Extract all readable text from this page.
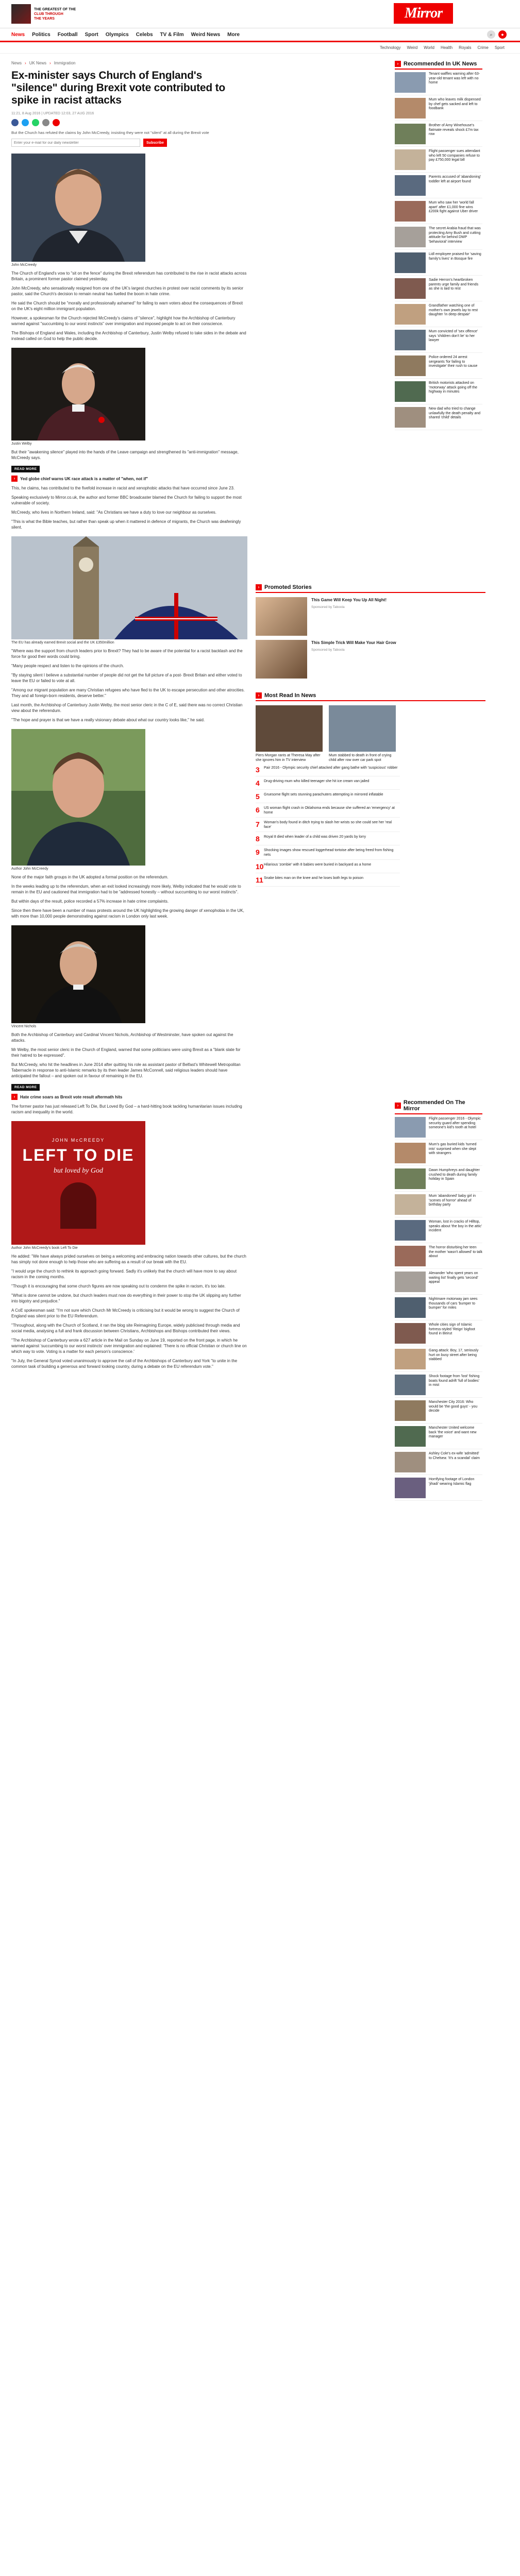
THE GREATEST OF THE
CLUB THROUGH
THE YEARS	Mirror
News Politics Football Sport Olympics Celebs TV & Film Weird News More	⌕	●
Technology Weird World Health Royals Crime Sport
News › UK News › Immigration
Ex-minister says Church of England's "silence" during Brexit vote contributed to spike in racist attacks
11:21, 8 Aug 2016 | UPDATED 12:03, 27 AUG 2016
But the Church has refuted the claims by John McCreedy, insisting they were not "silent" at all during the Brexit vote
Enter your e-mail for our daily newsletter
Subscribe
John McCreedy

The Church of England's vow to "sit on the fence" during the Brexit referendum has contributed to the rise in racist attacks across Britain, a prominent former pastor claimed yesterday.

John McCreedy, who sensationally resigned from one of the UK's largest churches in protest over racist comments by its senior pastor, said the Church's decision to remain neutral has fuelled the boom in hate crime.

He said the Church should be "morally and professionally ashamed" for failing to warn voters about the consequences of Brexit on the UK's eight million immigrant population.

However, a spokesman for the Church rejected McCreedy's claims of "silence", highlight how the Archbishop of Canterbury warned against "succumbing to our worst instincts" over immigration and imposed people to act on their conscience.

The Bishops of England and Wales, including the Archbishop of Canterbury, Justin Welby refused to take sides in the debate and instead called on God to help the public decide.

Justin Welby

But their "awakening silence" played into the hands of the Leave campaign and strengthened its "anti-immigration" message, McCreedy says.

READ MORE
›	Yed globe chief warns UK race attack is a matter of "when, not if"

This, he claims, has contributed to the fivefold increase in racist and xenophobic attacks that have occurred since June 23.

Speaking exclusively to Mirror.co.uk, the author and former BBC broadcaster blamed the Church for failing to support the most vulnerable of society.

McCreedy, who lives in Northern Ireland, said: "As Christians we have a duty to love our neighbour as ourselves.

"This is what the Bible teaches, but rather than speak up when it mattered in defence of migrants, the Church was deafeningly silent.

The EU has already earned Brexit social and the UK £350million

"Where was the support from church leaders prior to Brexit? They had to be aware of the potential for a racist backlash and the force for good their words could bring.

"Many people respect and listen to the opinions of the church.

"By staying silent I believe a substantial number of people did not get the full picture of a post- Brexit Britain and either voted to leave the EU or failed to vote at all.

"Among our migrant population are many Christian refugees who have fled to the UK to escape persecution and other atrocities. They and all foreign-born residents, deserve better."

Last month, the Archbishop of Canterbury Justin Welby, the most senior cleric in the C of E, said there was no correct Christian view about the referendum.

"The hope and prayer is that we have a really visionary debate about what our country looks like," he said.

Author John McCreedy

None of the major faith groups in the UK adopted a formal position on the referendum.

In the weeks leading up to the referendum, when an exit looked increasingly more likely, Welby indicated that he would vote to remain in the EU and cautioned that immigration had to be "addressed honestly – without succumbing to our worst instincts".

But within days of the result, police recorded a 57% increase in hate crime complaints.

Since then there have been a number of mass protests around the UK highlighting the growing danger of xenophobia in the UK, with more than 10,000 people demonstrating against racism in London only last week.

Vincent Nichols

Both the Archbishop of Canterbury and Cardinal Vincent Nichols, Archbishop of Westminster, have spoken out against the attacks.

Mr Welby, the most senior cleric in the Church of England, warned that some politicians were using Brexit as a "blank slate for their hatred to be expressed".

But McCreedy, who hit the headlines in June 2014 after quitting his role as assistant pastor of Belfast's Whitewell Metropolitan Tabernacle in response to anti-Islamic remarks by its then leader James McConnell, said religious leaders should have anticipated the fallout – and spoken out in favour of remaining in the EU.

READ MORE
›	Hate crime soars as Brexit vote result aftermath hits

The former pastor has just released Left To Die, But Loved By God – a hard-hitting book tackling humanitarian issues including racism and inequality in the world.

JOHN McCREEDY
LEFT TO DIE
but loved by God
Author John McCreedy's book Left To Die

He added: "We have always prided ourselves on being a welcoming and embracing nation towards other cultures, but the church has simply not done enough to help those who are suffering as a result of our break with the EU.

"I would urge the church to rethink its approach going forward. Sadly it's unlikely that the church will have more to say about racism in the coming months.

"Though it is encouraging that some church figures are now speaking out to condemn the spike in racism, it's too late.

"What is done cannot be undone, but church leaders must now do everything in their power to stop the UK slipping any further into bigotry and prejudice."

A CoE spokesman said: "I'm not sure which Church Mr McCreedy is criticising but it would be wrong to suggest the Church of England was silent prior to the EU Referendum.

"Throughout, along with the Church of Scotland, it ran the blog site Reimagining Europe, widely publicised through media and social media, analysing a full and frank discussion between Christians, Archbishops and Bishops contributed their views.

"The Archbishop of Canterbury wrote a 627 article in the Mail on Sunday on June 19, reported on the front page, in which he warned against 'succumbing to our worst instincts' over immigration and explained: 'There is no official Christian or church line on which way to vote. Voting is a matter for each person's conscience.'

"In July, the General Synod voted unanimously to approve the call of the Archbishops of Canterbury and York "to unite in the common task of building a generous and forward looking country, during a debate on the EU referendum vote."

› Recommended In UK News
Tenant waffles warning after 63-year-old tenant was left with no home
Mum who leaves milk dispensed by chef gets sacked and left to foodbank
Brother of Amy Winehouse's flatmate reveals shock £7m tax row
Flight passenger sues attendant who left 50 companies refuse to pay £750,000 legal bill
Parents accused of 'abandoning' toddler left at airport found
Mum who saw her 'world fall apart' after £1,000 fine wins £200k fight against Uber driver
The secret Arabia fraud that was protecting Amy Bush and cutting attitude for behind DWP 'behavioral' interview
Lidl employee praised for 'saving family's lives' in Bosque fire
Sadie Herron's heartbroken parents urge family and friends as she is laid to rest
Grandfather watching one of mother's own jewels lay to rest daughter 'in deep despair'
Mum convicted of 'sex offence' says 'children don't lie' to her lawyer
Police ordered 24 arrest sergeants 'for failing to investigate' their rush to cause
British motorists attacked on 'motorway' attack going off the highway in minutes
New dad who tried to change unlawfully the death penalty and shared 'child' details
› Promoted Stories
This Game Will Keep You Up All Night!
Sponsored by Taboola
This Simple Trick Will Make Your Hair Grow
Sponsored by Taboola
› Most Read In News
Piers Morgan rants at Theresa May after she ignores him in TV interview
Mum stabbed to death in front of crying child after row over car park spot
3	Pair 2016 - Olympic security chief attacked after gang bathe with 'suspicious' robber
4	Drug-driving mum who killed teenager she hit ice cream van jailed
5	Gruesome flight sets stunning parachuters attempting in mirrored inflatable
6	US woman flight crash in Oklahoma ends because she suffered an 'emergency' at home
7	Woman's body found in ditch trying to slash her wrists so she could see her 'real face'
8	Royal 8 died when leader of a child was driven 20 yards by lorry
9	Shocking images show rescued loggerhead tortoise after being freed from fishing nets
10 Hilarious 'zombie' with 8 babies were buried in backyard as a home
11 Snake bites man on the knee and he loses both legs to poison
› Recommended On The Mirror
Flight passenger 2016 - Olympic security guard after spending someone's kid's tooth at hotel
Mum's gas buried kids 'turned into' surprised when she slept with strangers
Dawn Humphreys and daughter crushed to death during family holiday in Spain
Mum 'abandoned' baby girl in 'scenes of horror' ahead of birthday party
Woman, lost in cracks of Hilltop, speaks about 'the boy in the attic' incident
The horror disturbing her teen the mother 'wasn't allowed' to talk about
Alexander 'who spent years on waiting list' finally gets 'second' appeal
Nightmare motorway jam sees thousands of cars 'bumper to bumper' for miles
Whole cities sign of Islamic fortress-styled 'Reign' bigfoot found in Beirut
Gang attack: Boy, 17, seriously hurt on busy street after being stabbed
Shock footage from 'lost' fishing boats found adrift 'full of bodies' in mist
Manchester City 2016: Who would be 'the good guys' - you decide
Manchester United welcome back 'the voice' and want new manager
Ashley Cole's ex-wife 'admitted' to Chelsea: 'It's a scandal' claim
Horrifying footage of London 'jihadi' wearing Islamic flag
